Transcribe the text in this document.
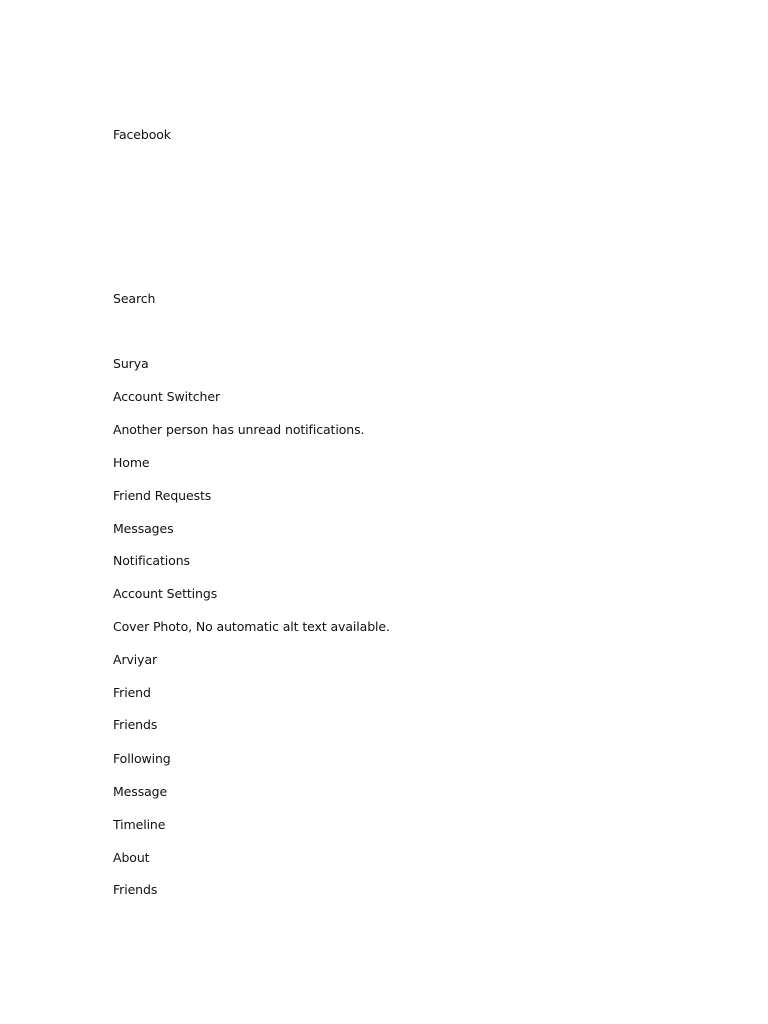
Facebook
Search
Surya
Account Switcher
Another person has unread notifications.
Home
Friend Requests
Messages
Notifications
Account Settings
Cover Photo, No automatic alt text available.
Arviyar
Friend
Friends
Following
Message
Timeline
About
Friends
